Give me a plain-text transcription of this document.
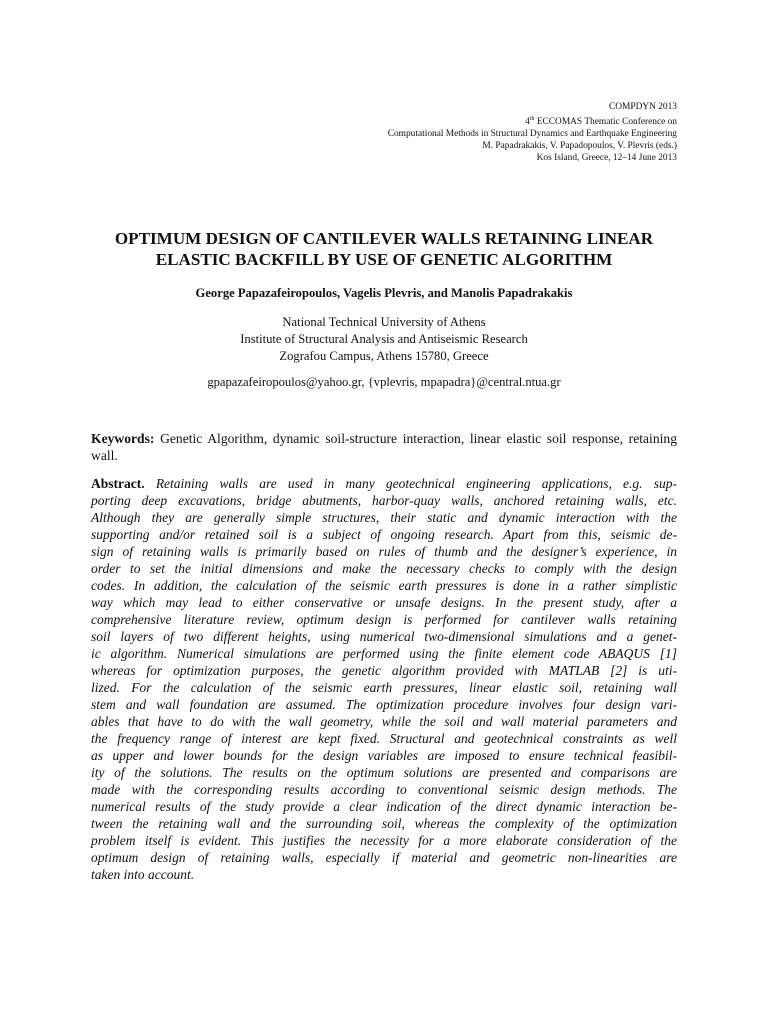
COMPDYN 2013
4th ECCOMAS Thematic Conference on
Computational Methods in Structural Dynamics and Earthquake Engineering
M. Papadrakakis, V. Papadopoulos, V. Plevris (eds.)
Kos Island, Greece, 12–14 June 2013
OPTIMUM DESIGN OF CANTILEVER WALLS RETAINING LINEAR
ELASTIC BACKFILL BY USE OF GENETIC ALGORITHM
George Papazafeiropoulos, Vagelis Plevris, and Manolis Papadrakakis
National Technical University of Athens
Institute of Structural Analysis and Antiseismic Research
Zografou Campus, Athens 15780, Greece
gpapazafeiropoulos@yahoo.gr, {vplevris, mpapadra}@central.ntua.gr
Keywords: Genetic Algorithm, dynamic soil-structure interaction, linear elastic soil response, retaining wall.
Abstract. Retaining walls are used in many geotechnical engineering applications, e.g. sup-
porting deep excavations, bridge abutments, harbor-quay walls, anchored retaining walls, etc.
Although they are generally simple structures, their static and dynamic interaction with the
supporting and/or retained soil is a subject of ongoing research. Apart from this, seismic de-
sign of retaining walls is primarily based on rules of thumb and the designer’s experience, in
order to set the initial dimensions and make the necessary checks to comply with the design
codes. In addition, the calculation of the seismic earth pressures is done in a rather simplistic
way which may lead to either conservative or unsafe designs. In the present study, after a
comprehensive literature review, optimum design is performed for cantilever walls retaining
soil layers of two different heights, using numerical two-dimensional simulations and a genet-
ic algorithm. Numerical simulations are performed using the finite element code ABAQUS [1]
whereas for optimization purposes, the genetic algorithm provided with MATLAB [2] is uti-
lized. For the calculation of the seismic earth pressures, linear elastic soil, retaining wall
stem and wall foundation are assumed. The optimization procedure involves four design vari-
ables that have to do with the wall geometry, while the soil and wall material parameters and
the frequency range of interest are kept fixed. Structural and geotechnical constraints as well
as upper and lower bounds for the design variables are imposed to ensure technical feasibil-
ity of the solutions. The results on the optimum solutions are presented and comparisons are
made with the corresponding results according to conventional seismic design methods. The
numerical results of the study provide a clear indication of the direct dynamic interaction be-
tween the retaining wall and the surrounding soil, whereas the complexity of the optimization
problem itself is evident. This justifies the necessity for a more elaborate consideration of the
optimum design of retaining walls, especially if material and geometric non-linearities are
taken into account.
